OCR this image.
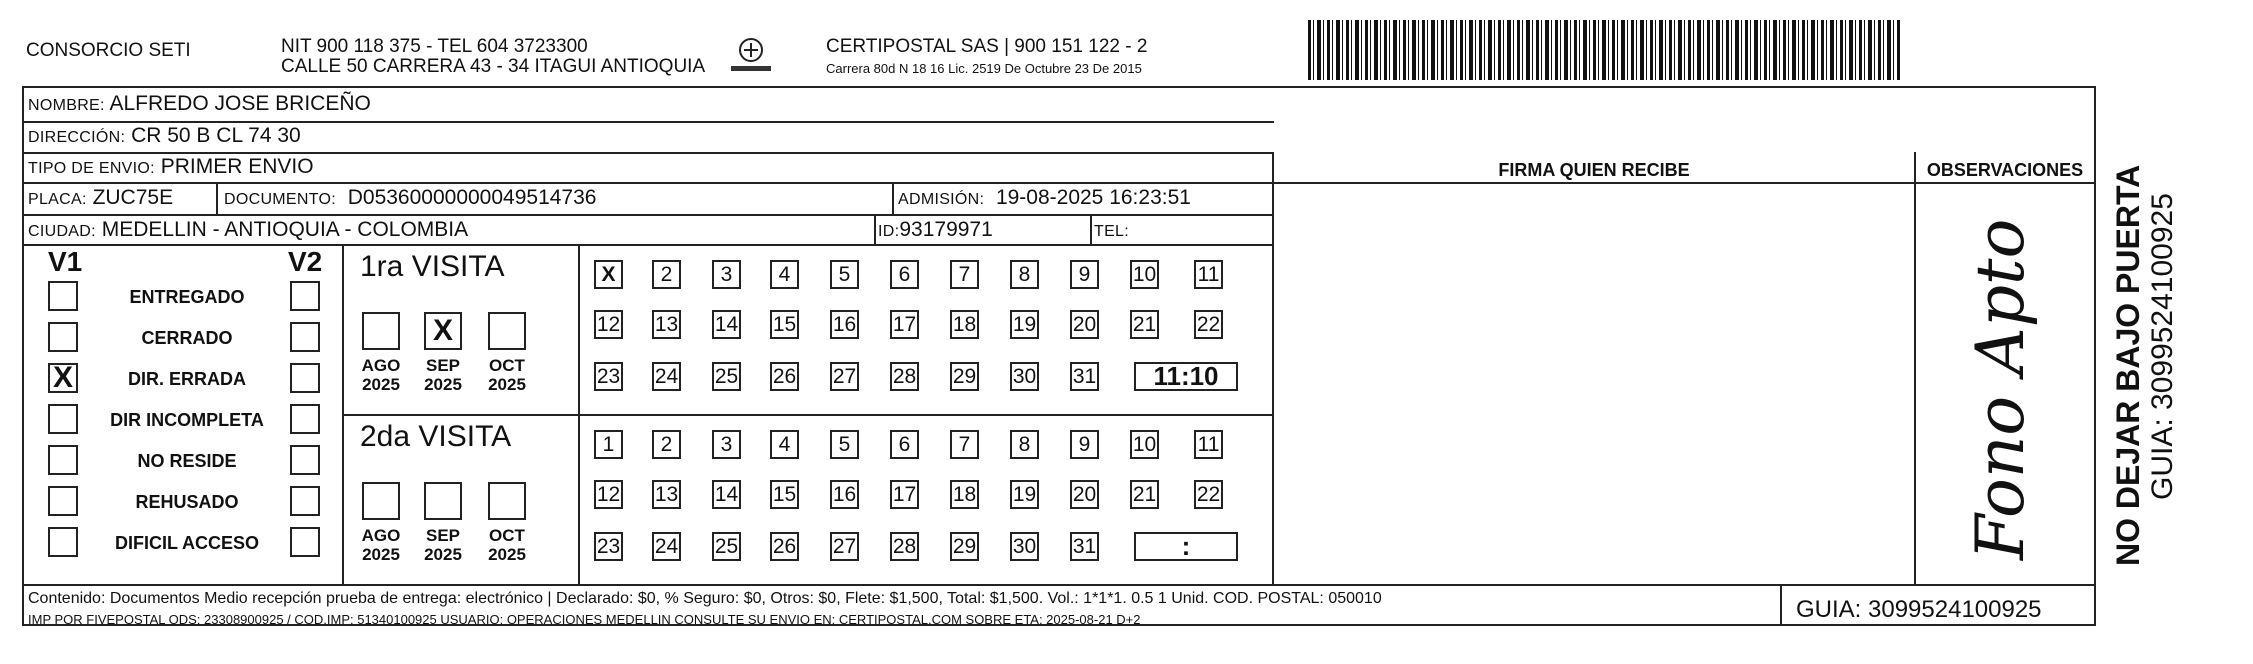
CONSORCIO SETI	NIT 900 118 375 - TEL 604 3723300
CALLE 50 CARRERA 43 - 34 ITAGUI ANTIOQUIA
CERTIPOSTAL SAS | 900 151 122 - 2
Carrera 80d N 18 16 Lic. 2519 De Octubre 23 De 2015
NOMBRE: ALFREDO JOSE BRICEÑO
DIRECCIÓN: CR 50 B CL 74 30
TIPO DE ENVIO: PRIMER ENVIO	FIRMA QUIEN RECIBE	OBSERVACIONES
PLACA: ZUC75E	DOCUMENTO: D05360000000049514736	ADMISIÓN: 19-08-2025 16:23:51
CIUDAD: MEDELLIN - ANTIOQUIA - COLOMBIA	ID:93179971	TEL:
V1	V2
ENTREGADO
CERRADO
X	DIR. ERRADA
DIR INCOMPLETA
NO RESIDE
REHUSADO
DIFICIL ACCESO
1ra VISITA
AGO
2025
X
SEP
2025
OCT
2025
X	2	3	4	5	6	7	8	9	10 11
12 13 14 15 16 17 18 19 20 21 22
23 24 25 26 27 28 29 30 31	11:10
2da VISITA
AGO
2025
SEP
2025
OCT
2025
1	2	3	4	5	6	7	8	9	10 11
12 13 14 15 16 17 18 19 20 21 22
23 24 25 26 27 28 29 30 31	:	Fono Apto
Contenido: Documentos Medio recepción prueba de entrega: electrónico | Declarado: $0, % Seguro: $0, Otros: $0, Flete: $1,500, Total: $1,500. Vol.: 1*1*1. 0.5 1 Unid. COD. POSTAL: 050010
IMP POR FIVEPOSTAL ODS: 23308900925 / COD.IMP: 51340100925 USUARIO: OPERACIONES MEDELLIN CONSULTE SU ENVIO EN: CERTIPOSTAL.COM SOBRE ETA: 2025-08-21 D+2	GUIA: 3099524100925
NO DEJAR BAJO PUERTA GUIA: 3099524100925
